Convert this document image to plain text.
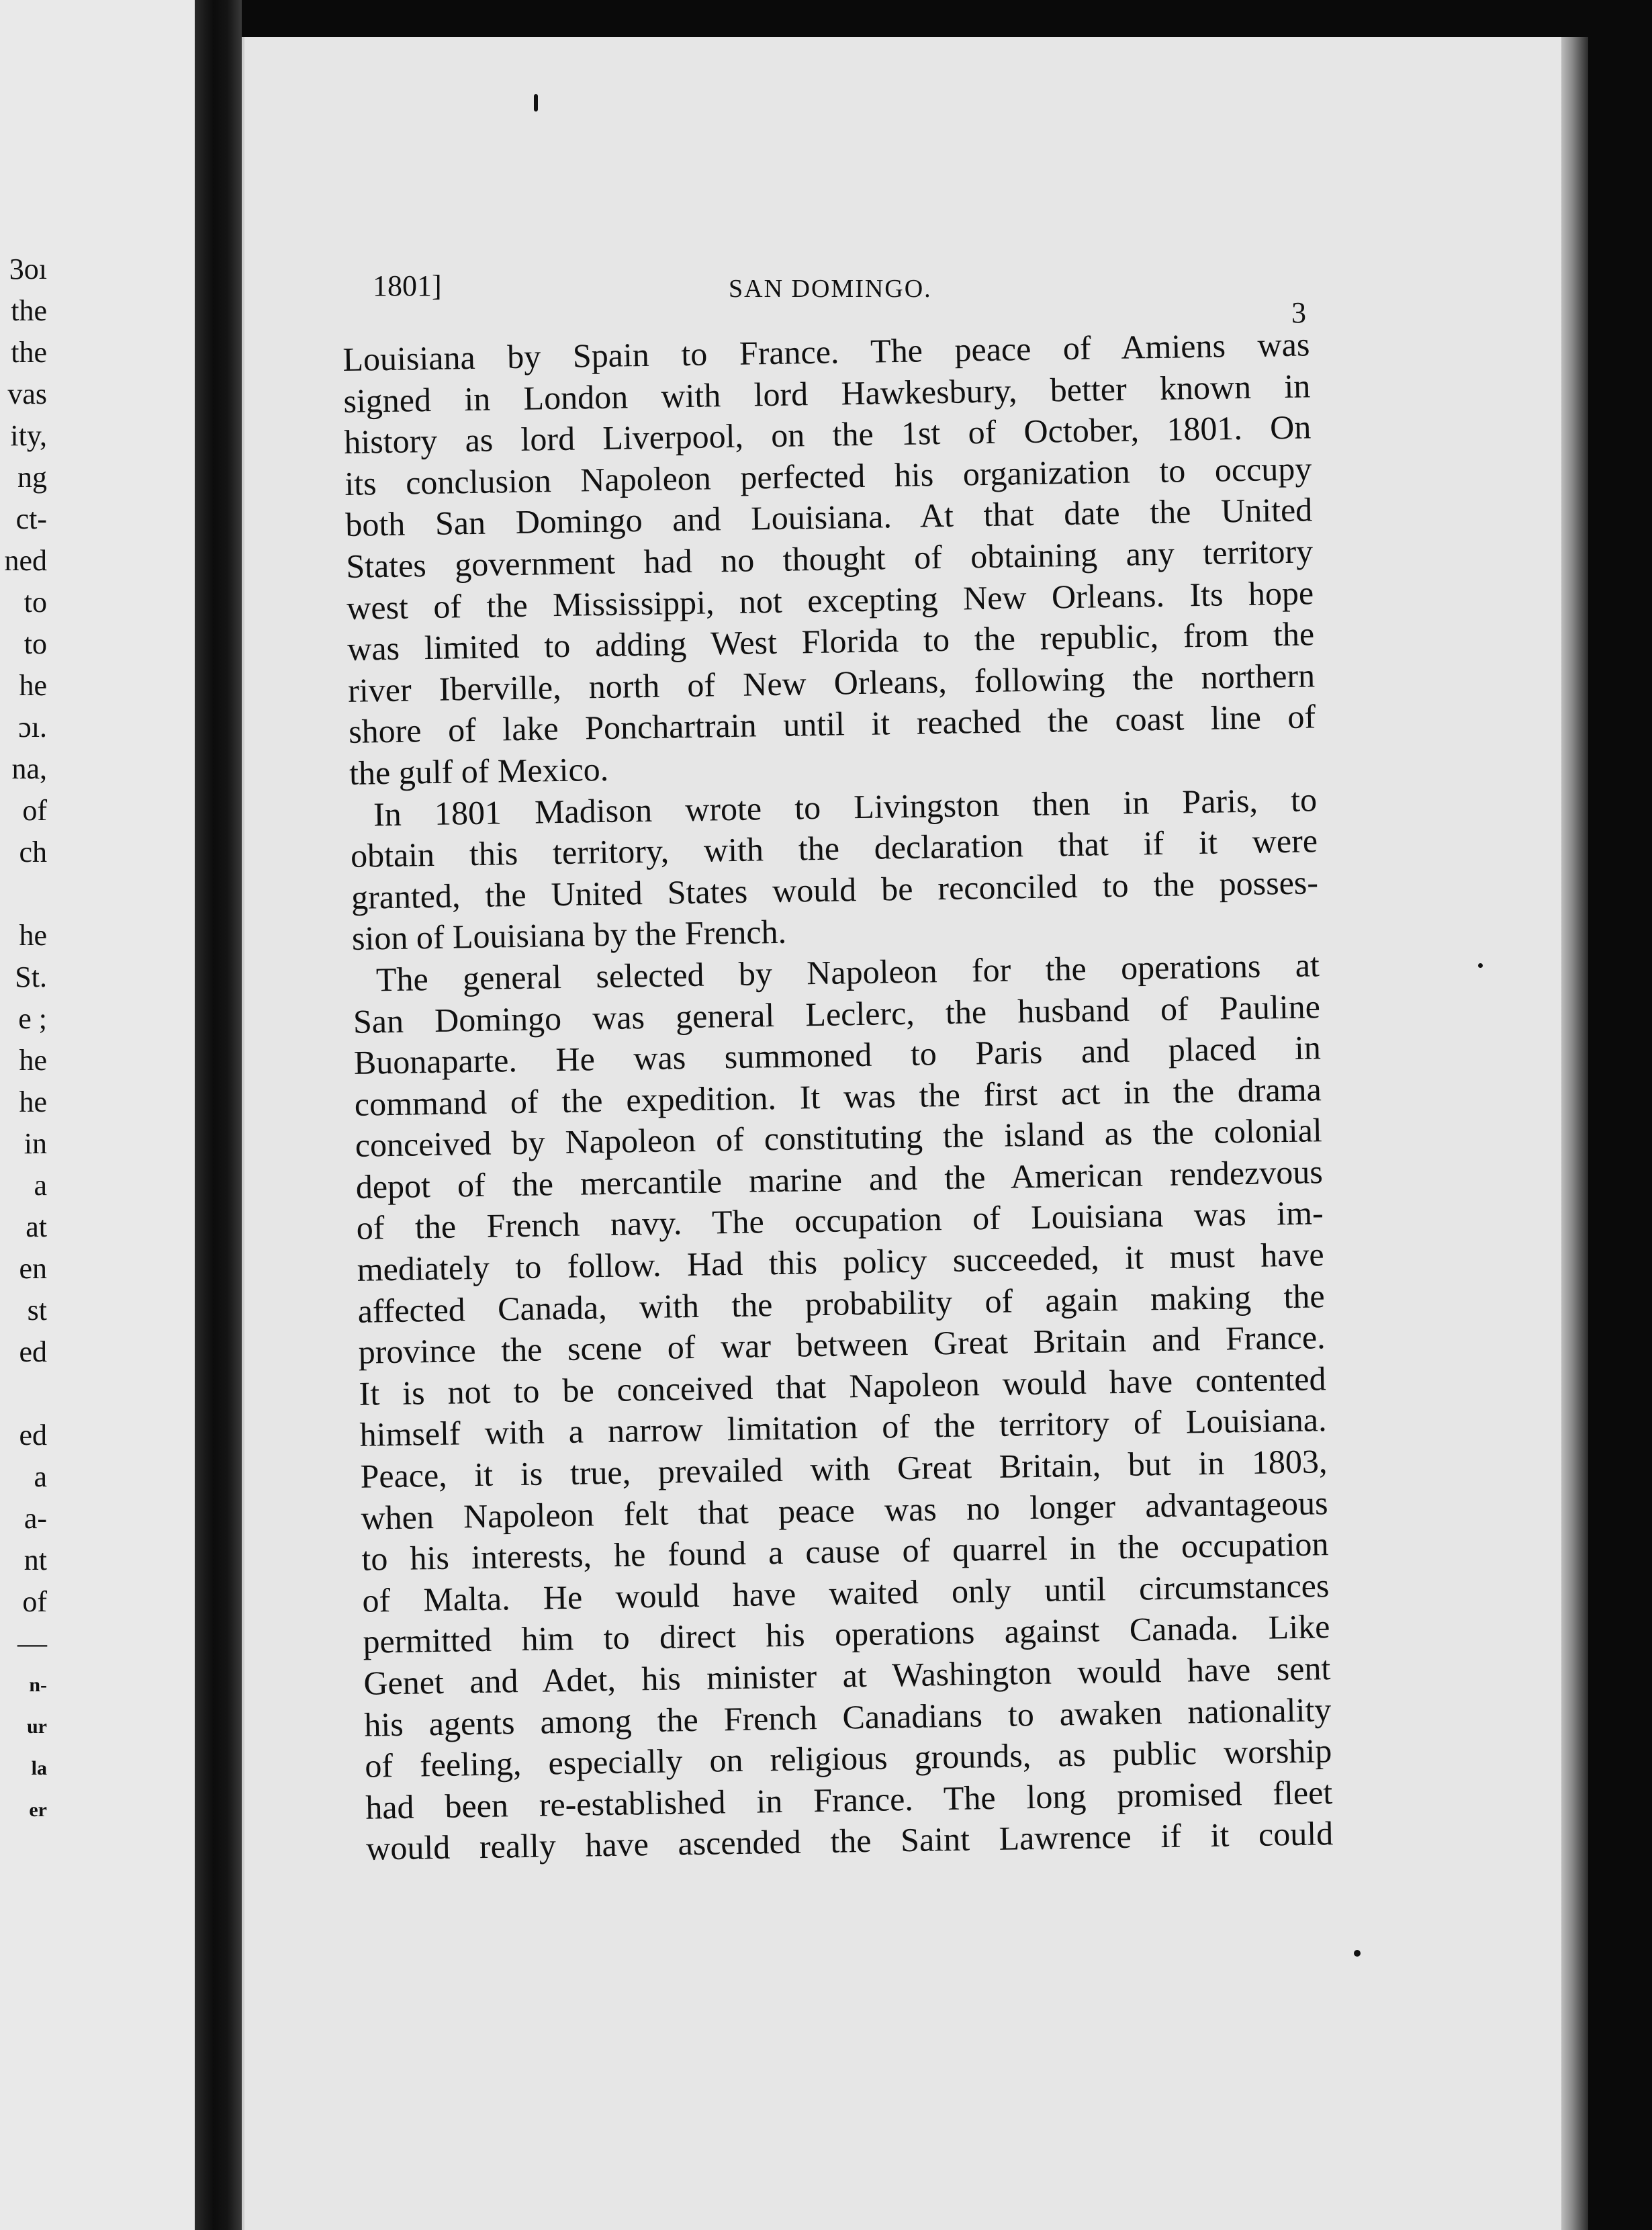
3oı
the
the
vas
ity,
ng
ct-
ned
to
to
he
ɔı.
na,
of
ch
he
St.
e ;
he
he
in
a
at
en
st
ed
ed
a
a-
nt
of
—
n-
ur
la
er
1801]	SAN DOMINGO.
3
Louisiana by Spain to France. The peace of Amiens was
signed in London with lord Hawkesbury, better known in
history as lord Liverpool, on the 1st of October, 1801. On
its conclusion Napoleon perfected his organization to occupy
both San Domingo and Louisiana. At that date the United
States government had no thought of obtaining any territory
west of the Mississippi, not excepting New Orleans. Its hope
was limited to adding West Florida to the republic, from the
river Iberville, north of New Orleans, following the northern
shore of lake Ponchartrain until it reached the coast line of
the gulf of Mexico.
In 1801 Madison wrote to Livingston then in Paris, to
obtain this territory, with the declaration that if it were
granted, the United States would be reconciled to the posses-
sion of Louisiana by the French.
The general selected by Napoleon for the operations at
San Domingo was general Leclerc, the husband of Pauline
Buonaparte. He was summoned to Paris and placed in
command of the expedition. It was the first act in the drama
conceived by Napoleon of constituting the island as the colonial
depot of the mercantile marine and the American rendezvous
of the French navy. The occupation of Louisiana was im-
mediately to follow. Had this policy succeeded, it must have
affected Canada, with the probability of again making the
province the scene of war between Great Britain and France.
It is not to be conceived that Napoleon would have contented
himself with a narrow limitation of the territory of Louisiana.
Peace, it is true, prevailed with Great Britain, but in 1803,
when Napoleon felt that peace was no longer advantageous
to his interests, he found a cause of quarrel in the occupation
of Malta. He would have waited only until circumstances
permitted him to direct his operations against Canada. Like
Genet and Adet, his minister at Washington would have sent
his agents among the French Canadians to awaken nationality
of feeling, especially on religious grounds, as public worship
had been re-established in France. The long promised fleet
would really have ascended the Saint Lawrence if it could
